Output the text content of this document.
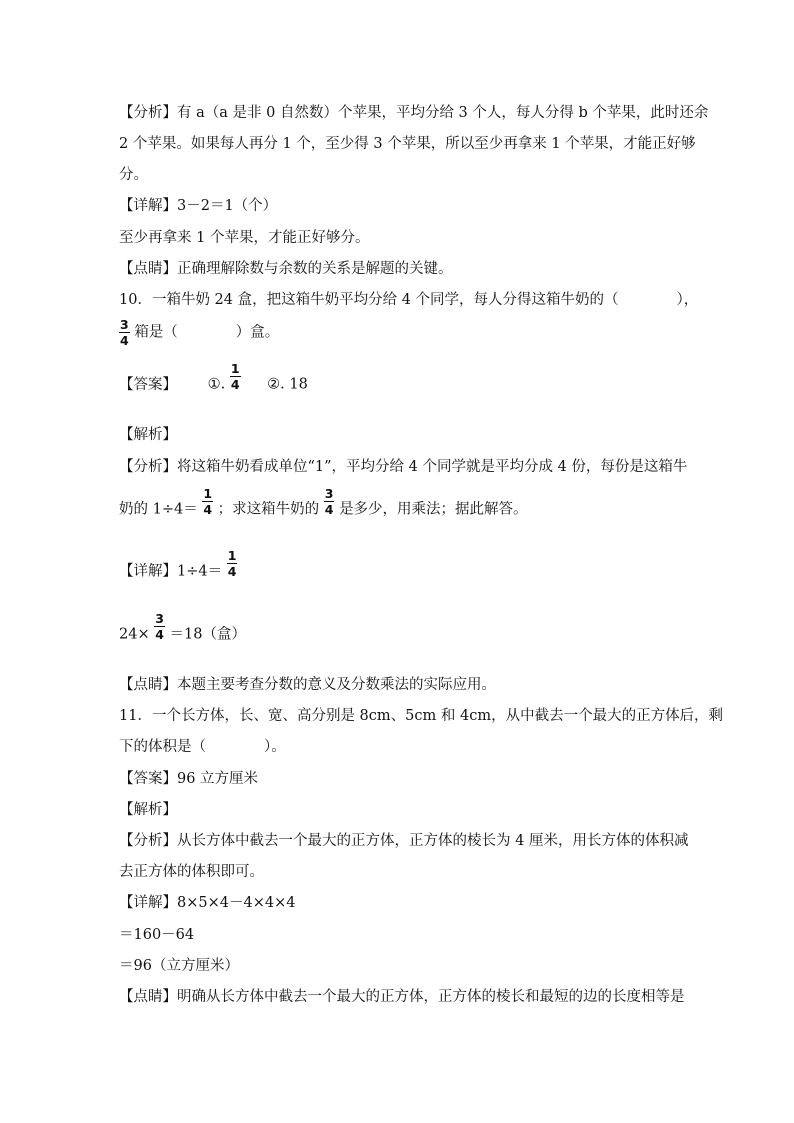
【分析】有 a（a 是非 0 自然数）个苹果，平均分给 3 个人，每人分得 b 个苹果，此时还余
2 个苹果。如果每人再分 1 个，至少得 3 个苹果，所以至少再拿来 1 个苹果，才能正好够
分。
【详解】3－2＝1（个）
至少再拿来 1 个苹果，才能正好够分。
【点睛】正确理解除数与余数的关系是解题的关键。
10．一箱牛奶 24 盒，把这箱牛奶平均分给 4 个同学，每人分得这箱牛奶的（　　　　），
$\frac{3}{4}$ 箱是（　　　　）盒。
【答案】 ①. $\frac{1}{4}$ ②. 18
【解析】
【分析】将这箱牛奶看成单位“1”，平均分给 4 个同学就是平均分成 4 份，每份是这箱牛
奶的 $1\div 4= \frac{1}{4}$ ；求这箱牛奶的 $\frac{3}{4}$ 是多少，用乘法；据此解答。
【详解】$1\div 4= \frac{1}{4}$
$24\times \frac{3}{4} =18$（盒）
【点睛】本题主要考查分数的意义及分数乘法的实际应用。
11．一个长方体，长、宽、高分别是 8cm、5cm 和 4cm，从中截去一个最大的正方体后，剩
下的体积是（　　　　）。
【答案】96 立方厘米
【解析】
【分析】从长方体中截去一个最大的正方体，正方体的棱长为 4 厘米，用长方体的体积减
去正方体的体积即可。
【详解】8×5×4－4×4×4
＝160－64
＝96（立方厘米）
【点睛】明确从长方体中截去一个最大的正方体，正方体的棱长和最短的边的长度相等是
